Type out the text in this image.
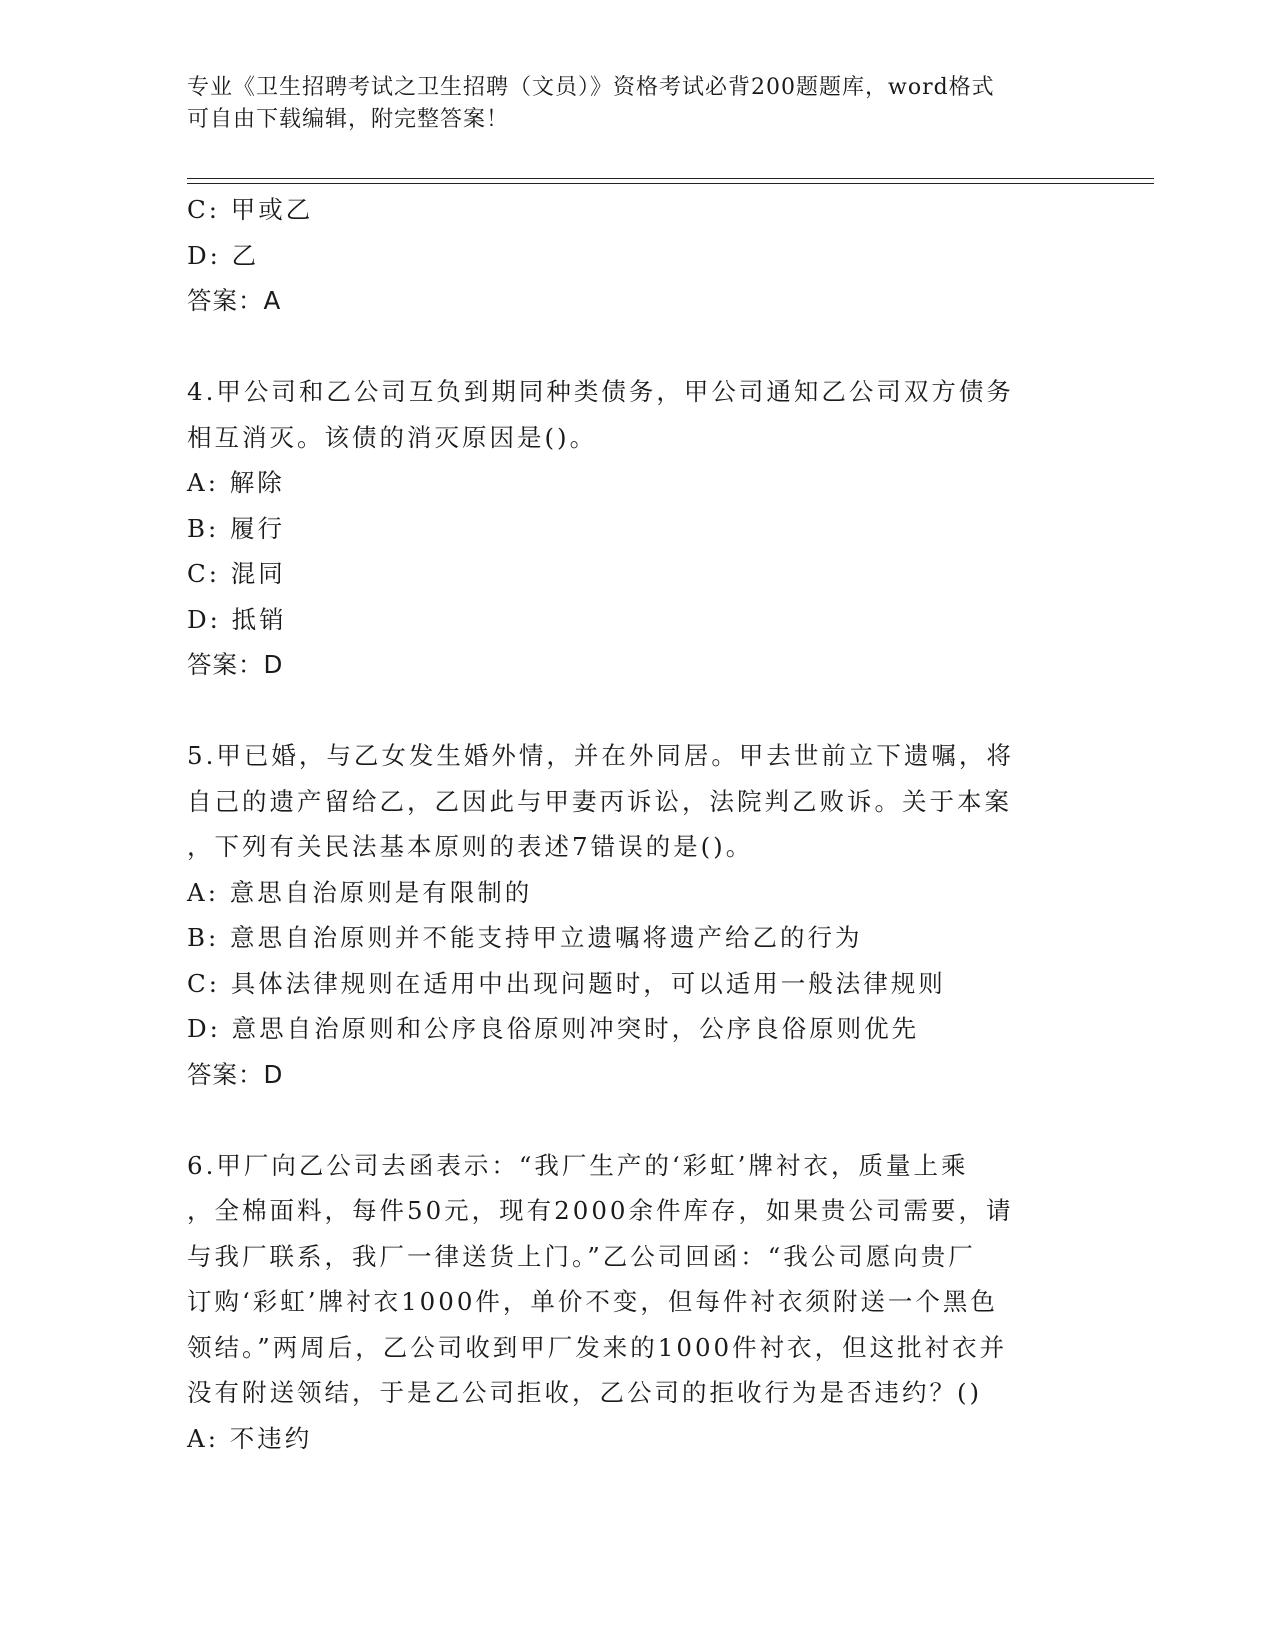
专业《卫生招聘考试之卫生招聘（文员）》资格考试必背200题题库，word格式
可自由下载编辑，附完整答案！
C: 甲或乙
D: 乙
答案：A
4.甲公司和乙公司互负到期同种类债务，甲公司通知乙公司双方债务
相互消灭。该债的消灭原因是()。
A: 解除
B: 履行
C: 混同
D: 抵销
答案：D
5.甲已婚，与乙女发生婚外情，并在外同居。甲去世前立下遗嘱，将
自己的遗产留给乙，乙因此与甲妻丙诉讼，法院判乙败诉。关于本案
，下列有关民法基本原则的表述7错误的是()。
A: 意思自治原则是有限制的
B: 意思自治原则并不能支持甲立遗嘱将遗产给乙的行为
C: 具体法律规则在适用中出现问题时，可以适用一般法律规则
D: 意思自治原则和公序良俗原则冲突时，公序良俗原则优先
答案：D
6.甲厂向乙公司去函表示：“我厂生产的‘彩虹’牌衬衣，质量上乘
，全棉面料，每件50元，现有2000余件库存，如果贵公司需要，请
与我厂联系，我厂一律送货上门。”乙公司回函：“我公司愿向贵厂
订购‘彩虹’牌衬衣1000件，单价不变，但每件衬衣须附送一个黑色
领结。”两周后，乙公司收到甲厂发来的1000件衬衣，但这批衬衣并
没有附送领结，于是乙公司拒收，乙公司的拒收行为是否违约？()
A: 不违约
